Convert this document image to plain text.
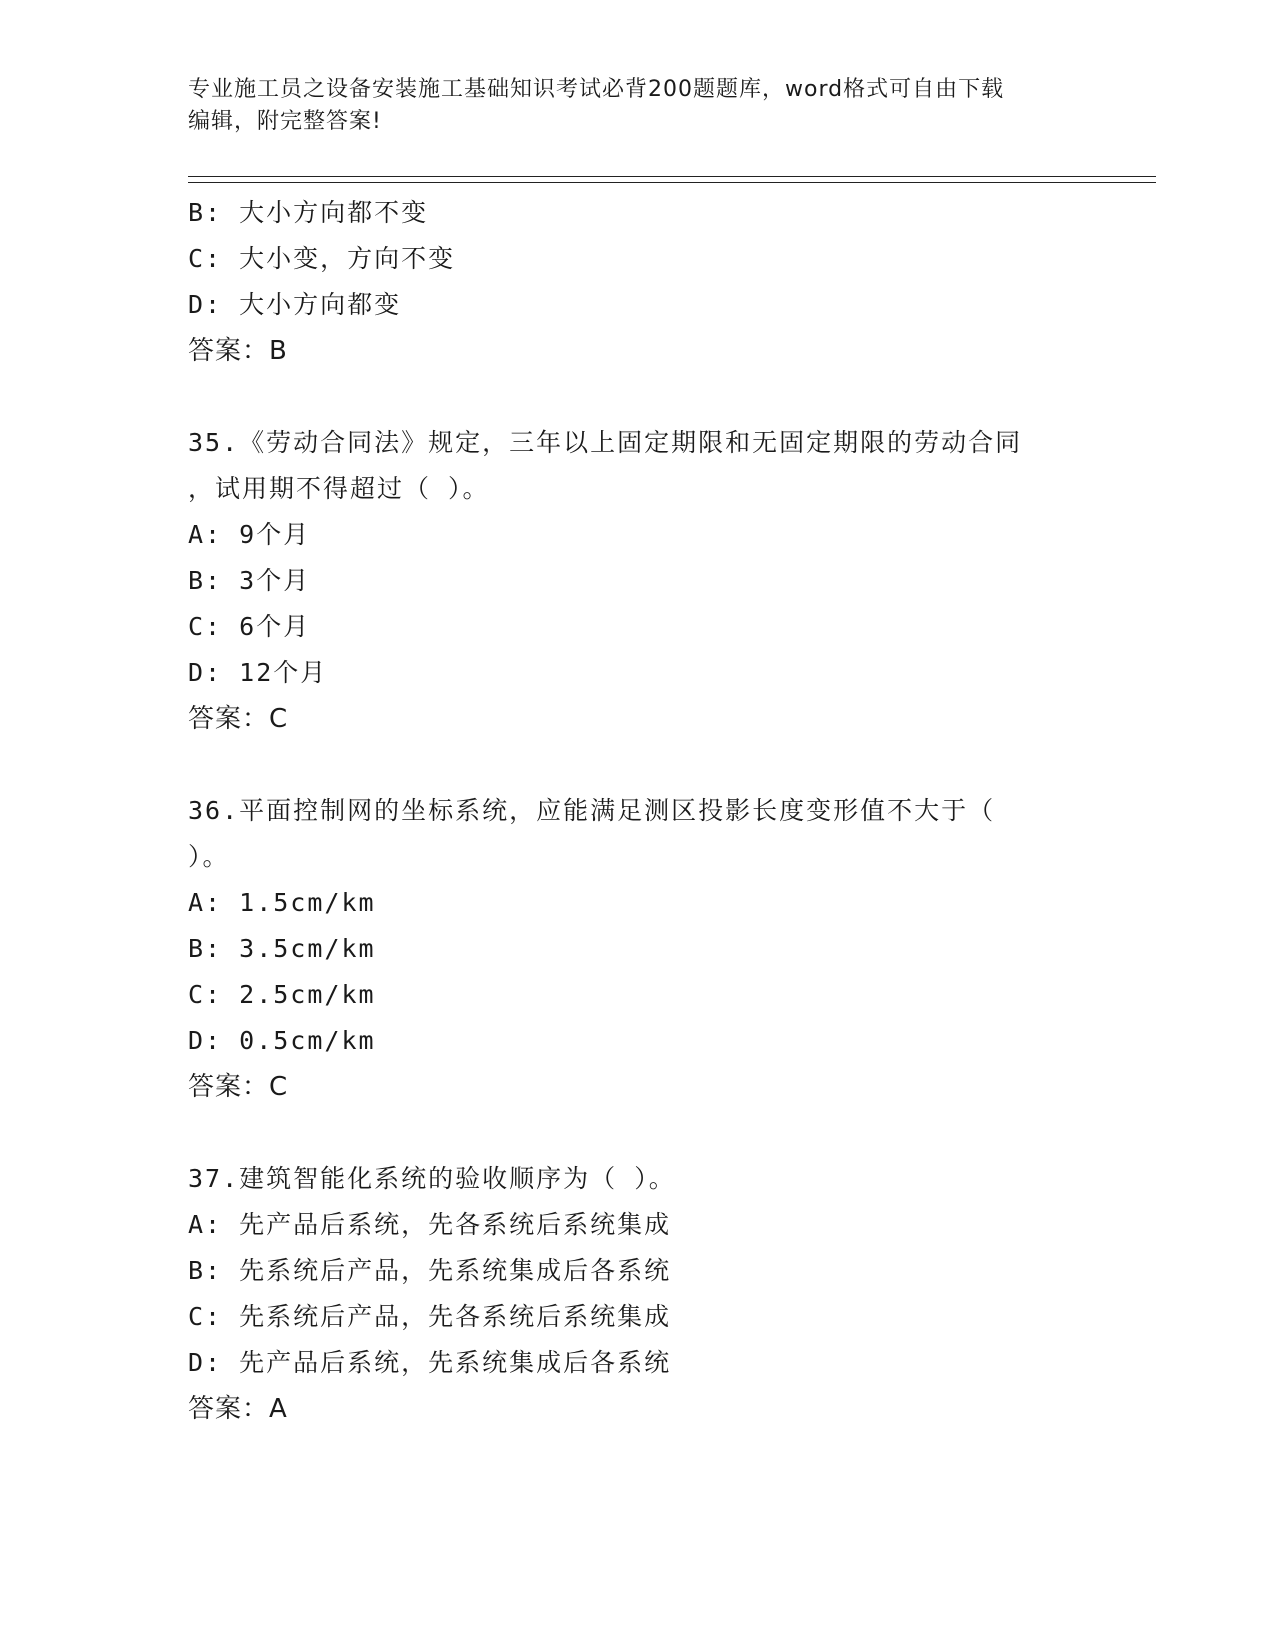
专业施工员之设备安装施工基础知识考试必背200题题库，word格式可自由下载
编辑，附完整答案!
B: 大小方向都不变
C: 大小变，方向不变
D: 大小方向都变
答案：B
35.《劳动合同法》规定，三年以上固定期限和无固定期限的劳动合同
，试用期不得超过（ ）。
A: 9个月
B: 3个月
C: 6个月
D: 12个月
答案：C
36.平面控制网的坐标系统，应能满足测区投影长度变形值不大于（
）。
A: 1.5cm/km
B: 3.5cm/km
C: 2.5cm/km
D: 0.5cm/km
答案：C
37.建筑智能化系统的验收顺序为（ ）。
A: 先产品后系统，先各系统后系统集成
B: 先系统后产品，先系统集成后各系统
C: 先系统后产品，先各系统后系统集成
D: 先产品后系统，先系统集成后各系统
答案：A
